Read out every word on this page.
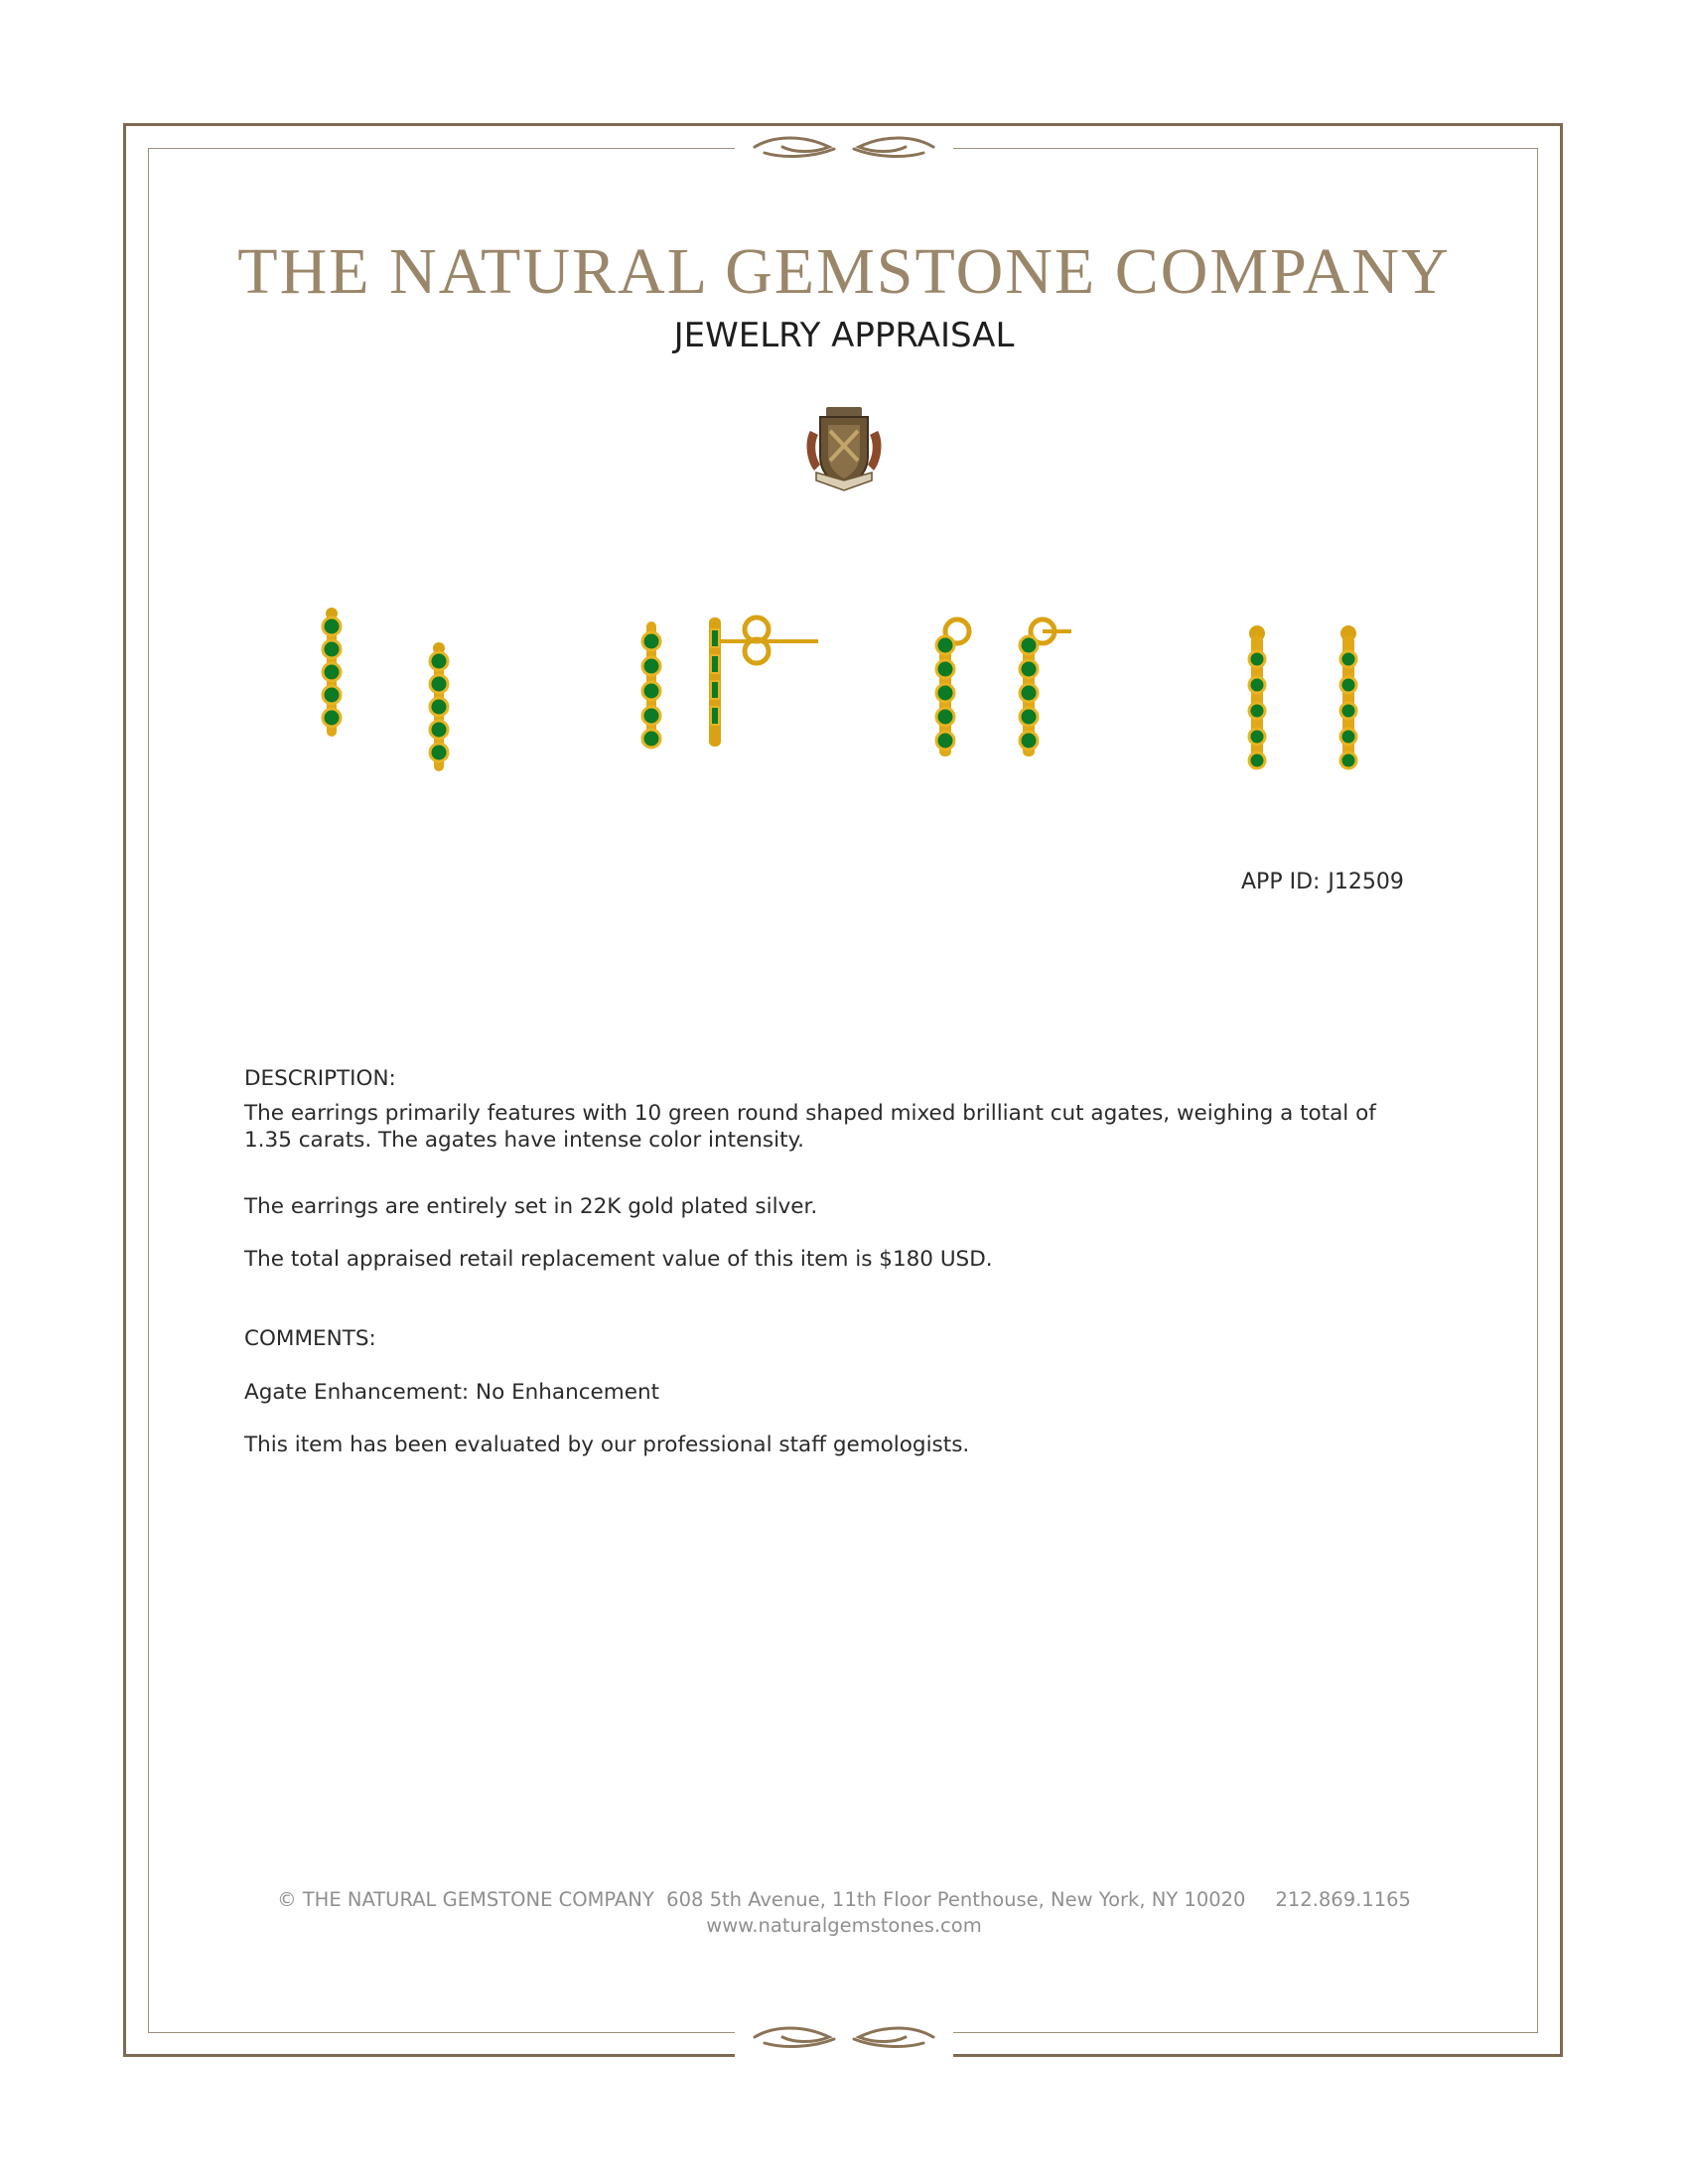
THE NATURAL GEMSTONE COMPANY
JEWELRY APPRAISAL
APP ID: J12509
DESCRIPTION:

The earrings primarily features with 10 green round shaped mixed brilliant cut agates, weighing a total of 1.35 carats. The agates have intense color intensity.

The earrings are entirely set in 22K gold plated silver.

The total appraised retail replacement value of this item is $180 USD.

COMMENTS:

Agate Enhancement: No Enhancement

This item has been evaluated by our professional staff gemologists.

© THE NATURAL GEMSTONE COMPANY 608 5th Avenue, 11th Floor Penthouse, New York, NY 10020 212.869.1165
www.naturalgemstones.com
